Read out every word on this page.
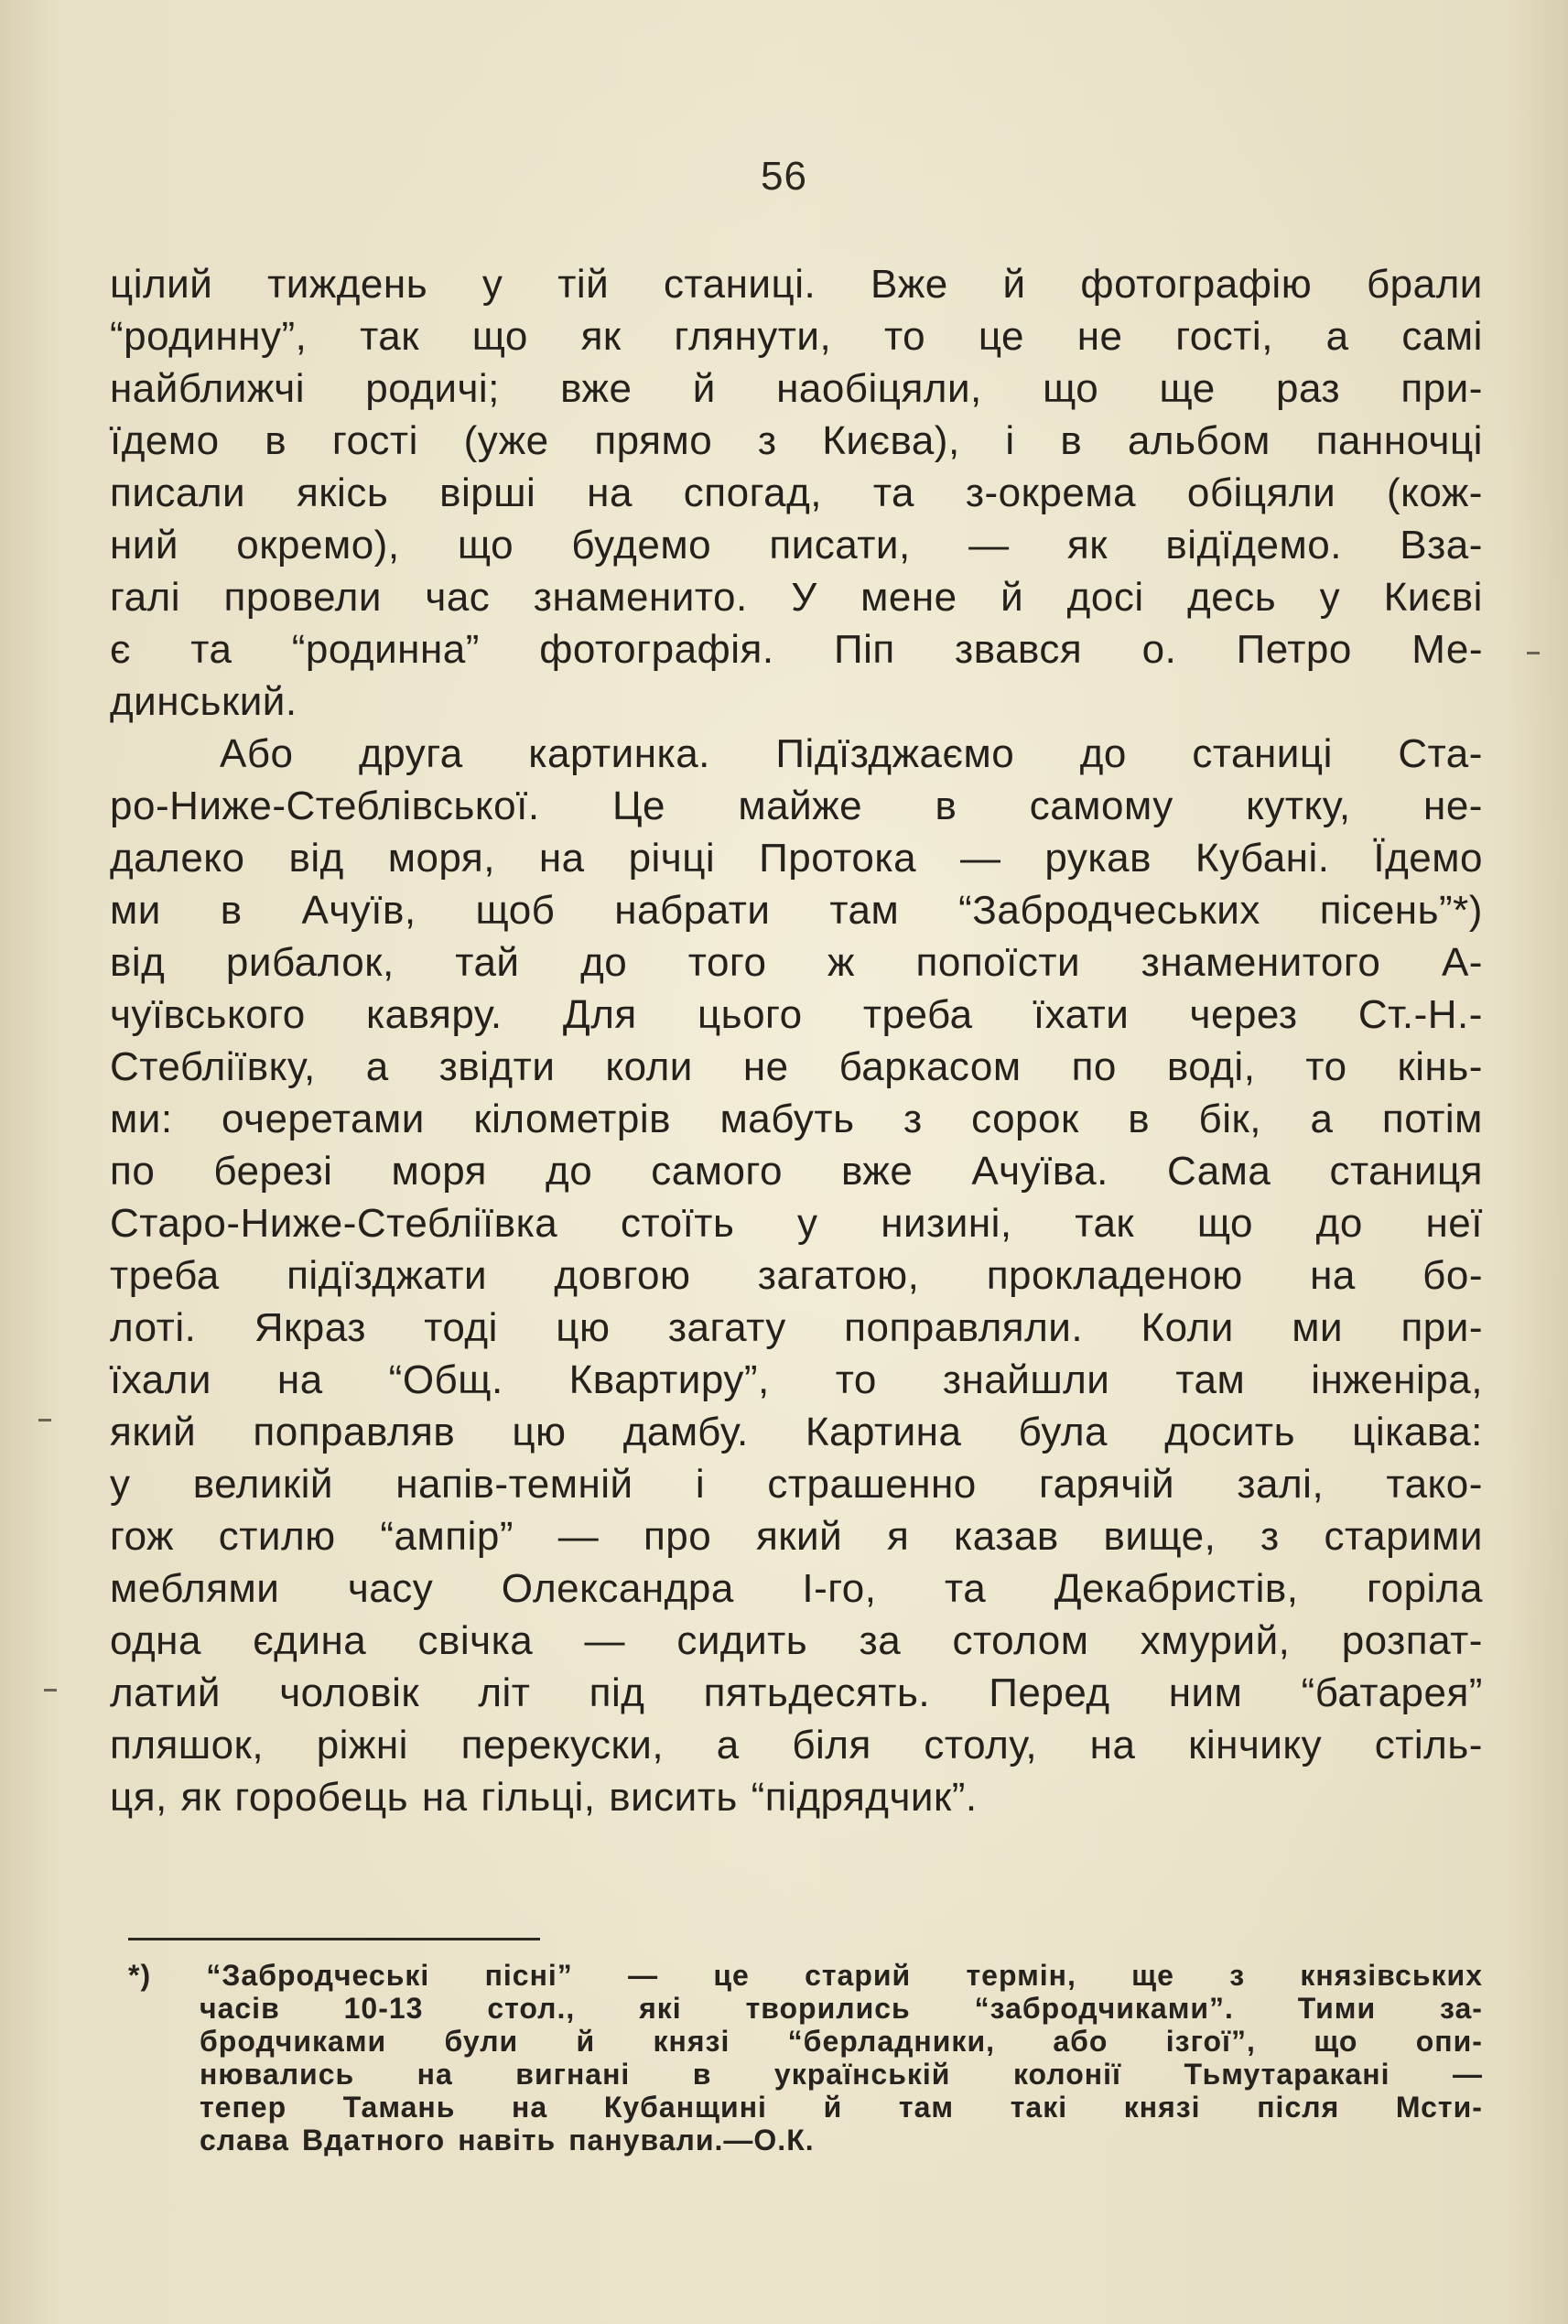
56
цілий тиждень у тій станиці. Вже й фотографію брали
“родинну”, так що як глянути, то це не гості, а самі
найближчі родичі; вже й наобіцяли, що ще раз при-
їдемо в гості (уже прямо з Києва), і в альбом панночці
писали якісь вірші на спогад, та з-окрема обіцяли (кож-
ний окремо), що будемо писати, — як відїдемо. Вза-
галі провели час знаменито. У мене й досі десь у Києві
є та “родинна” фотографія. Піп звався о. Петро Ме-
динський.
Або друга картинка. Підїзджаємо до станиці Ста-
ро-Ниже-Стеблівської. Це майже в самому кутку, не-
далеко від моря, на річці Протока — рукав Кубані. Їдемо
ми в Ачуїв, щоб набрати там “Забродчеських пісень”*)
від рибалок, тай до того ж попоїсти знаменитого А-
чуївського кавяру. Для цього треба їхати через Ст.-Н.-
Стебліївку, а звідти коли не баркасом по воді, то кінь-
ми: очеретами кілометрів мабуть з сорок в бік, а потім
по березі моря до самого вже Ачуїва. Сама станиця
Старо-Ниже-Стебліївка стоїть у низині, так що до неї
треба підїзджати довгою загатою, прокладеною на бо-
лоті. Якраз тоді цю загату поправляли. Коли ми при-
їхали на “Общ. Квартиру”, то знайшли там інженіра,
який поправляв цю дамбу. Картина була досить цікава:
у великій напів-темній і страшенно гарячій залі, тако-
гож стилю “ампір” — про який я казав вище, з старими
меблями часу Олександра І-го, та Декабристів, горіла
одна єдина свічка — сидить за столом хмурий, розпат-
латий чоловік літ під пятьдесять. Перед ним “батарея”
пляшок, ріжні перекуски, а біля столу, на кінчику стіль-
ця, як горобець на гільці, висить “підрядчик”.
*) “Забродчеські пісні” — це старий термін, ще з князівських
часів 10-13 стол., які творились “забродчиками”. Тими за-
бродчиками були й князі “берладники, або ізгої”, що опи-
нювались на вигнані в українській колонії Тьмутаракані —
тепер Тамань на Кубанщині й там такі князі після Мсти-
слава Вдатного навіть панували.—О.К.
